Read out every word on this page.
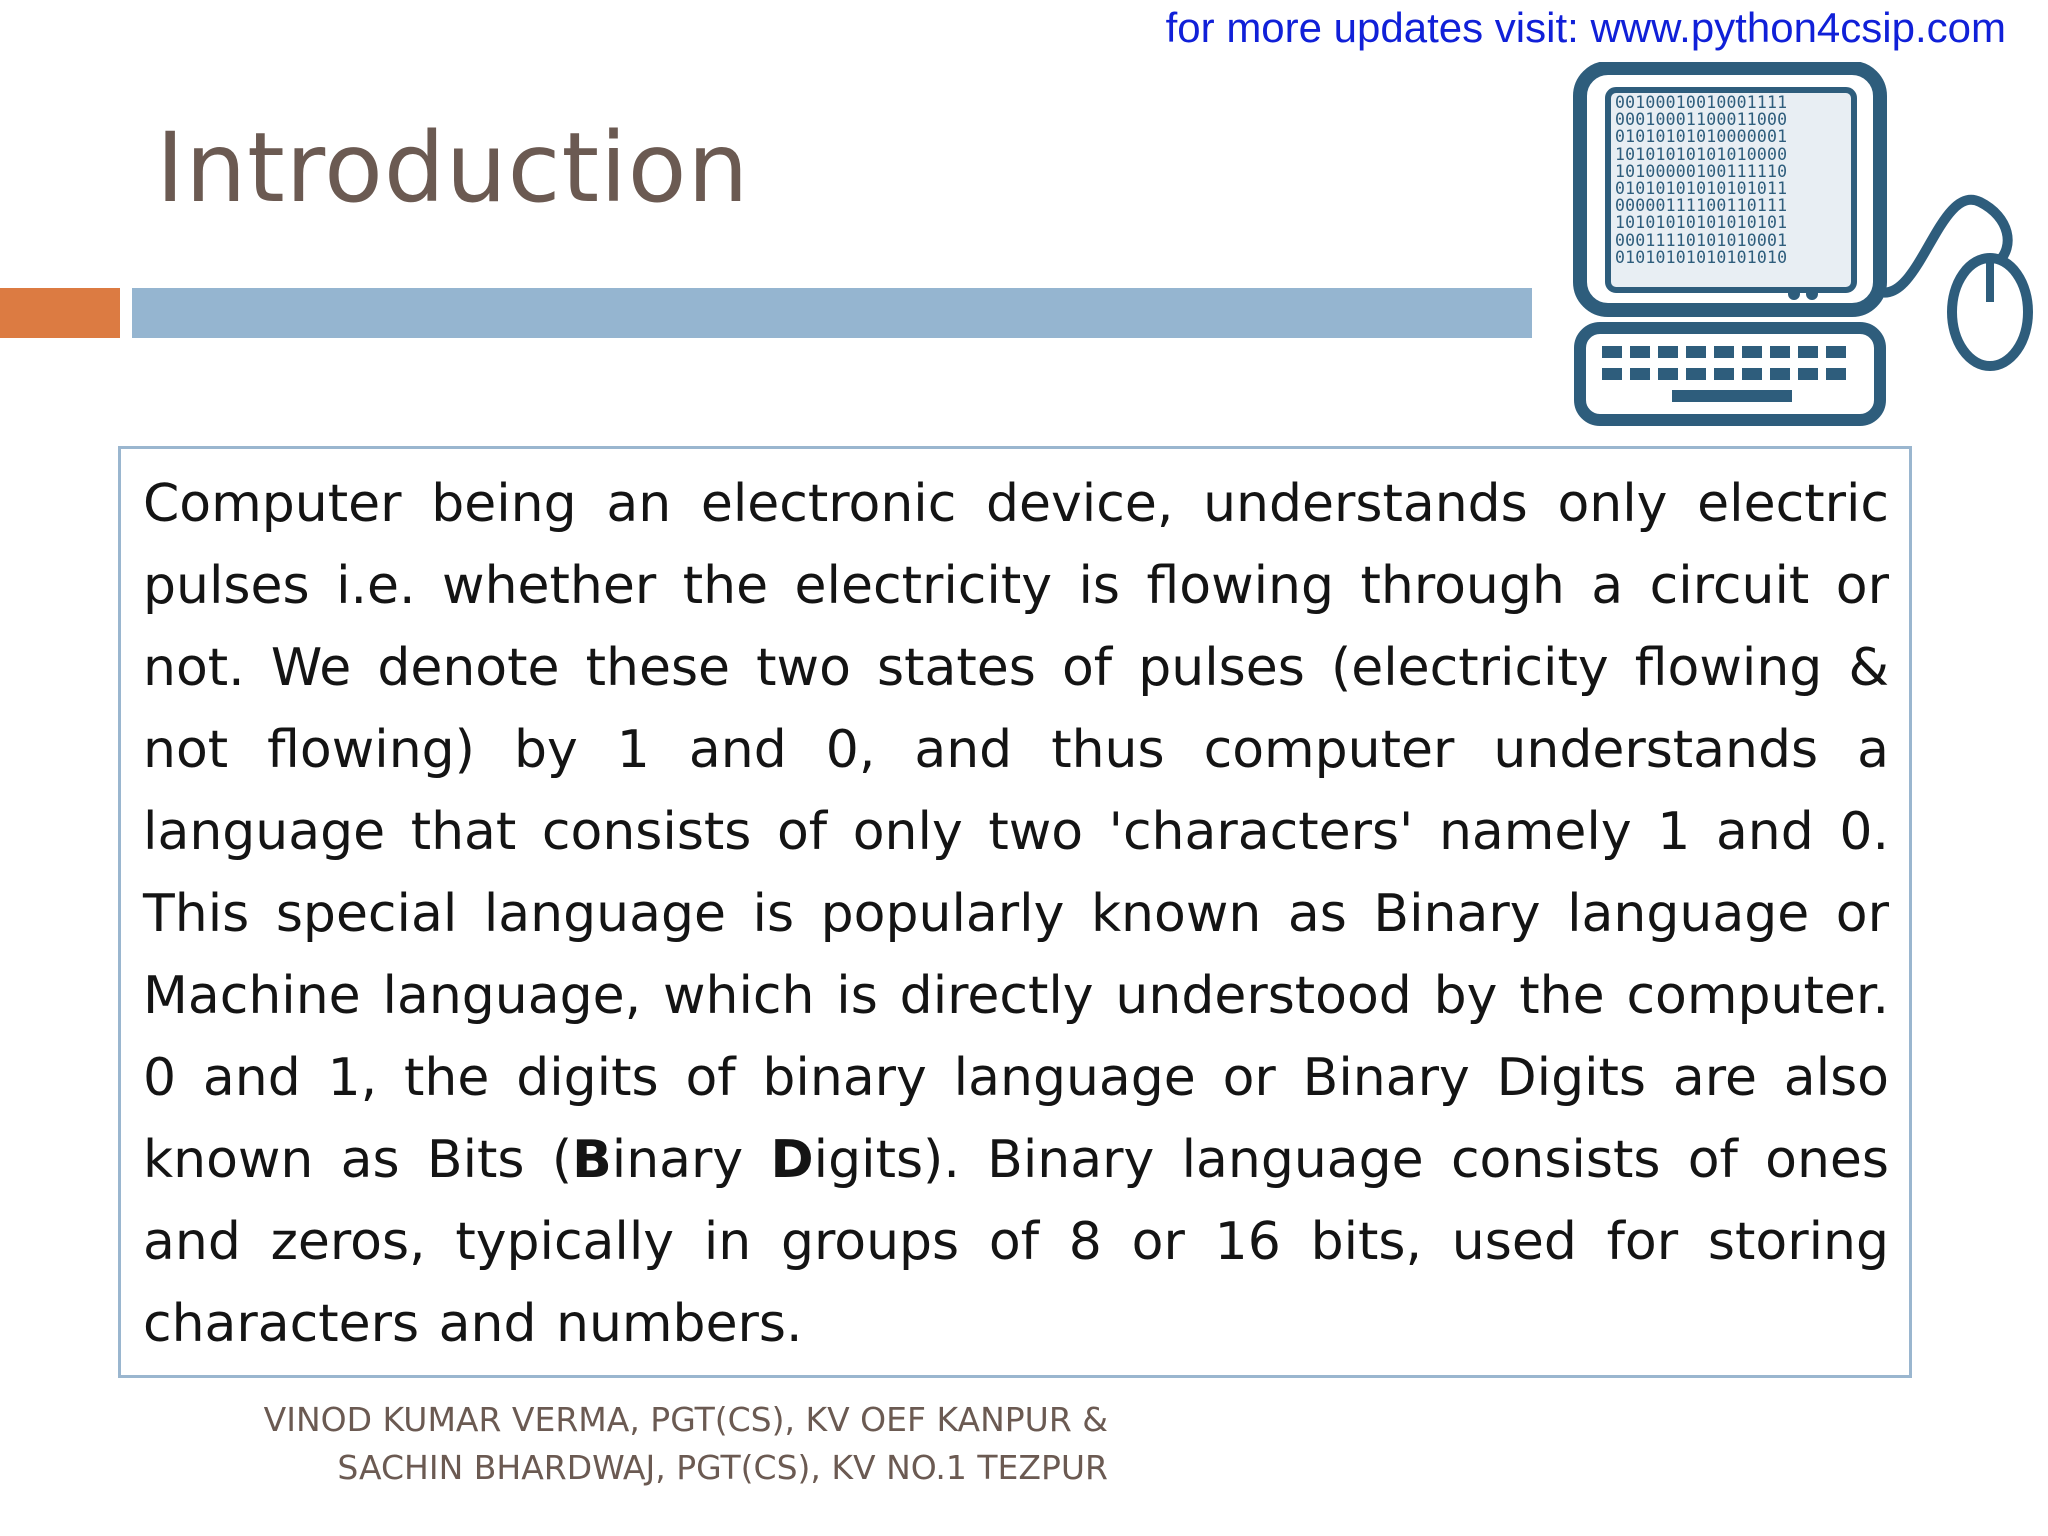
for more updates visit: www.python4csip.com
Introduction
00100010010001111
00010001100011000
01010101010000001
10101010101010000
10100000100111110
01010101010101011
00000111100110111
10101010101010101
00011110101010001
01010101010101010

Computer being an electronic device, understands only electric pulses i.e. whether the electricity is flowing through a circuit or not. We denote these two states of pulses (electricity flowing & not flowing) by 1 and 0, and thus computer understands a language that consists of only two 'characters' namely 1 and 0. This special language is popularly known as Binary language or Machine language, which is directly understood by the computer. 0 and 1, the digits of binary language or Binary Digits are also known as Bits (Binary Digits). Binary language consists of ones and zeros, typically in groups of 8 or 16 bits, used for storing characters and numbers.

VINOD KUMAR VERMA, PGT(CS), KV OEF KANPUR &
SACHIN BHARDWAJ, PGT(CS), KV NO.1 TEZPUR
